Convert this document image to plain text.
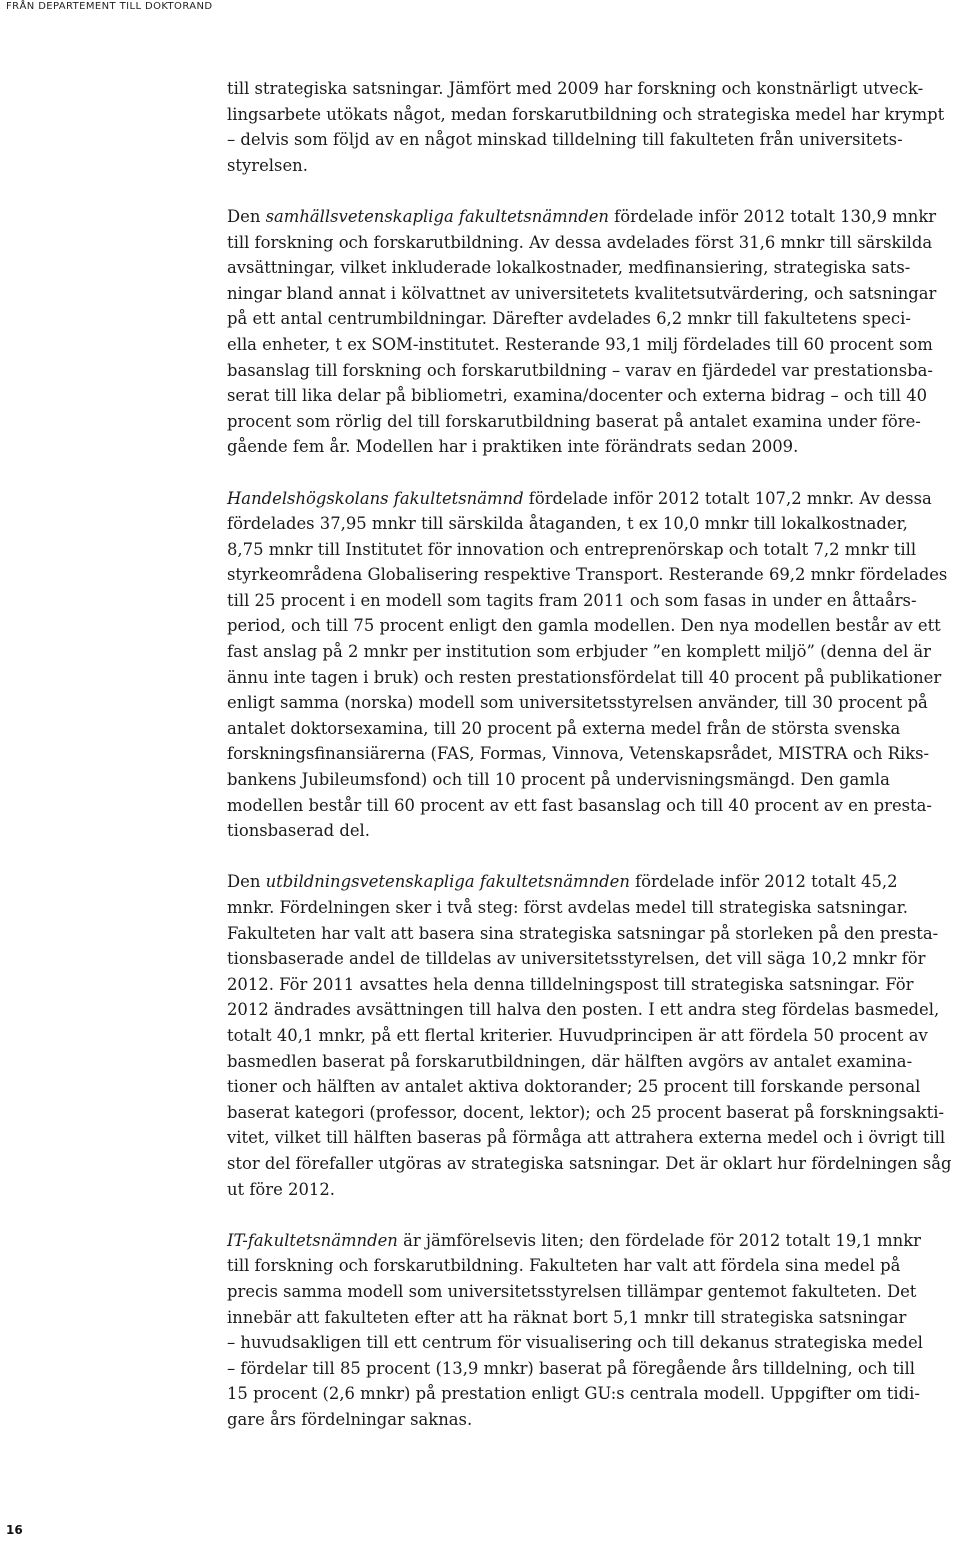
FRÅN DEPARTEMENT TILL DOKTORAND

till strategiska satsningar. Jämfört med 2009 har forskning och konstnärligt utveck-
lingsarbete utökats något, medan forskarutbildning och strategiska medel har krympt
– delvis som följd av en något minskad tilldelning till fakulteten från universitets-
styrelsen.

Den samhällsvetenskapliga fakultetsnämnden fördelade inför 2012 totalt 130,9 mnkr
till forskning och forskarutbildning. Av dessa avdelades först 31,6 mnkr till särskilda
avsättningar, vilket inkluderade lokalkostnader, medfinansiering, strategiska sats-
ningar bland annat i kölvattnet av universitetets kvalitetsutvärdering, och satsningar
på ett antal centrumbildningar. Därefter avdelades 6,2 mnkr till fakultetens speci-
ella enheter, t ex SOM-institutet. Resterande 93,1 milj fördelades till 60 procent som
basanslag till forskning och forskarutbildning – varav en fjärdedel var prestationsba-
serat till lika delar på bibliometri, examina/docenter och externa bidrag – och till 40
procent som rörlig del till forskarutbildning baserat på antalet examina under före-
gående fem år. Modellen har i praktiken inte förändrats sedan 2009.

Handelshögskolans fakultetsnämnd fördelade inför 2012 totalt 107,2 mnkr. Av dessa
fördelades 37,95 mnkr till särskilda åtaganden, t ex 10,0 mnkr till lokalkostnader,
8,75 mnkr till Institutet för innovation och entreprenörskap och totalt 7,2 mnkr till
styrkeområdena Globalisering respektive Transport. Resterande 69,2 mnkr fördelades
till 25 procent i en modell som tagits fram 2011 och som fasas in under en åttaårs-
period, och till 75 procent enligt den gamla modellen. Den nya modellen består av ett
fast anslag på 2 mnkr per institution som erbjuder ”en komplett miljö” (denna del är
ännu inte tagen i bruk) och resten prestationsfördelat till 40 procent på publikationer
enligt samma (norska) modell som universitetsstyrelsen använder, till 30 procent på
antalet doktorsexamina, till 20 procent på externa medel från de största svenska
forskningsfinansiärerna (FAS, Formas, Vinnova, Vetenskapsrådet, MISTRA och Riks-
bankens Jubileumsfond) och till 10 procent på undervisningsmängd. Den gamla
modellen består till 60 procent av ett fast basanslag och till 40 procent av en presta-
tionsbaserad del.

Den utbildningsvetenskapliga fakultetsnämnden fördelade inför 2012 totalt 45,2
mnkr. Fördelningen sker i två steg: först avdelas medel till strategiska satsningar.
Fakulteten har valt att basera sina strategiska satsningar på storleken på den presta-
tionsbaserade andel de tilldelas av universitetsstyrelsen, det vill säga 10,2 mnkr för
2012. För 2011 avsattes hela denna tilldelningspost till strategiska satsningar. För
2012 ändrades avsättningen till halva den posten. I ett andra steg fördelas basmedel,
totalt 40,1 mnkr, på ett flertal kriterier. Huvudprincipen är att fördela 50 procent av
basmedlen baserat på forskarutbildningen, där hälften avgörs av antalet examina-
tioner och hälften av antalet aktiva doktorander; 25 procent till forskande personal
baserat kategori (professor, docent, lektor); och 25 procent baserat på forskningsakti-
vitet, vilket till hälften baseras på förmåga att attrahera externa medel och i övrigt till
stor del förefaller utgöras av strategiska satsningar. Det är oklart hur fördelningen såg
ut före 2012.

IT-fakultetsnämnden är jämförelsevis liten; den fördelade för 2012 totalt 19,1 mnkr
till forskning och forskarutbildning. Fakulteten har valt att fördela sina medel på
precis samma modell som universitetsstyrelsen tillämpar gentemot fakulteten. Det
innebär att fakulteten efter att ha räknat bort 5,1 mnkr till strategiska satsningar
– huvudsakligen till ett centrum för visualisering och till dekanus strategiska medel
– fördelar till 85 procent (13,9 mnkr) baserat på föregående års tilldelning, och till
15 procent (2,6 mnkr) på prestation enligt GU:s centrala modell. Uppgifter om tidi-
gare års fördelningar saknas.

16
